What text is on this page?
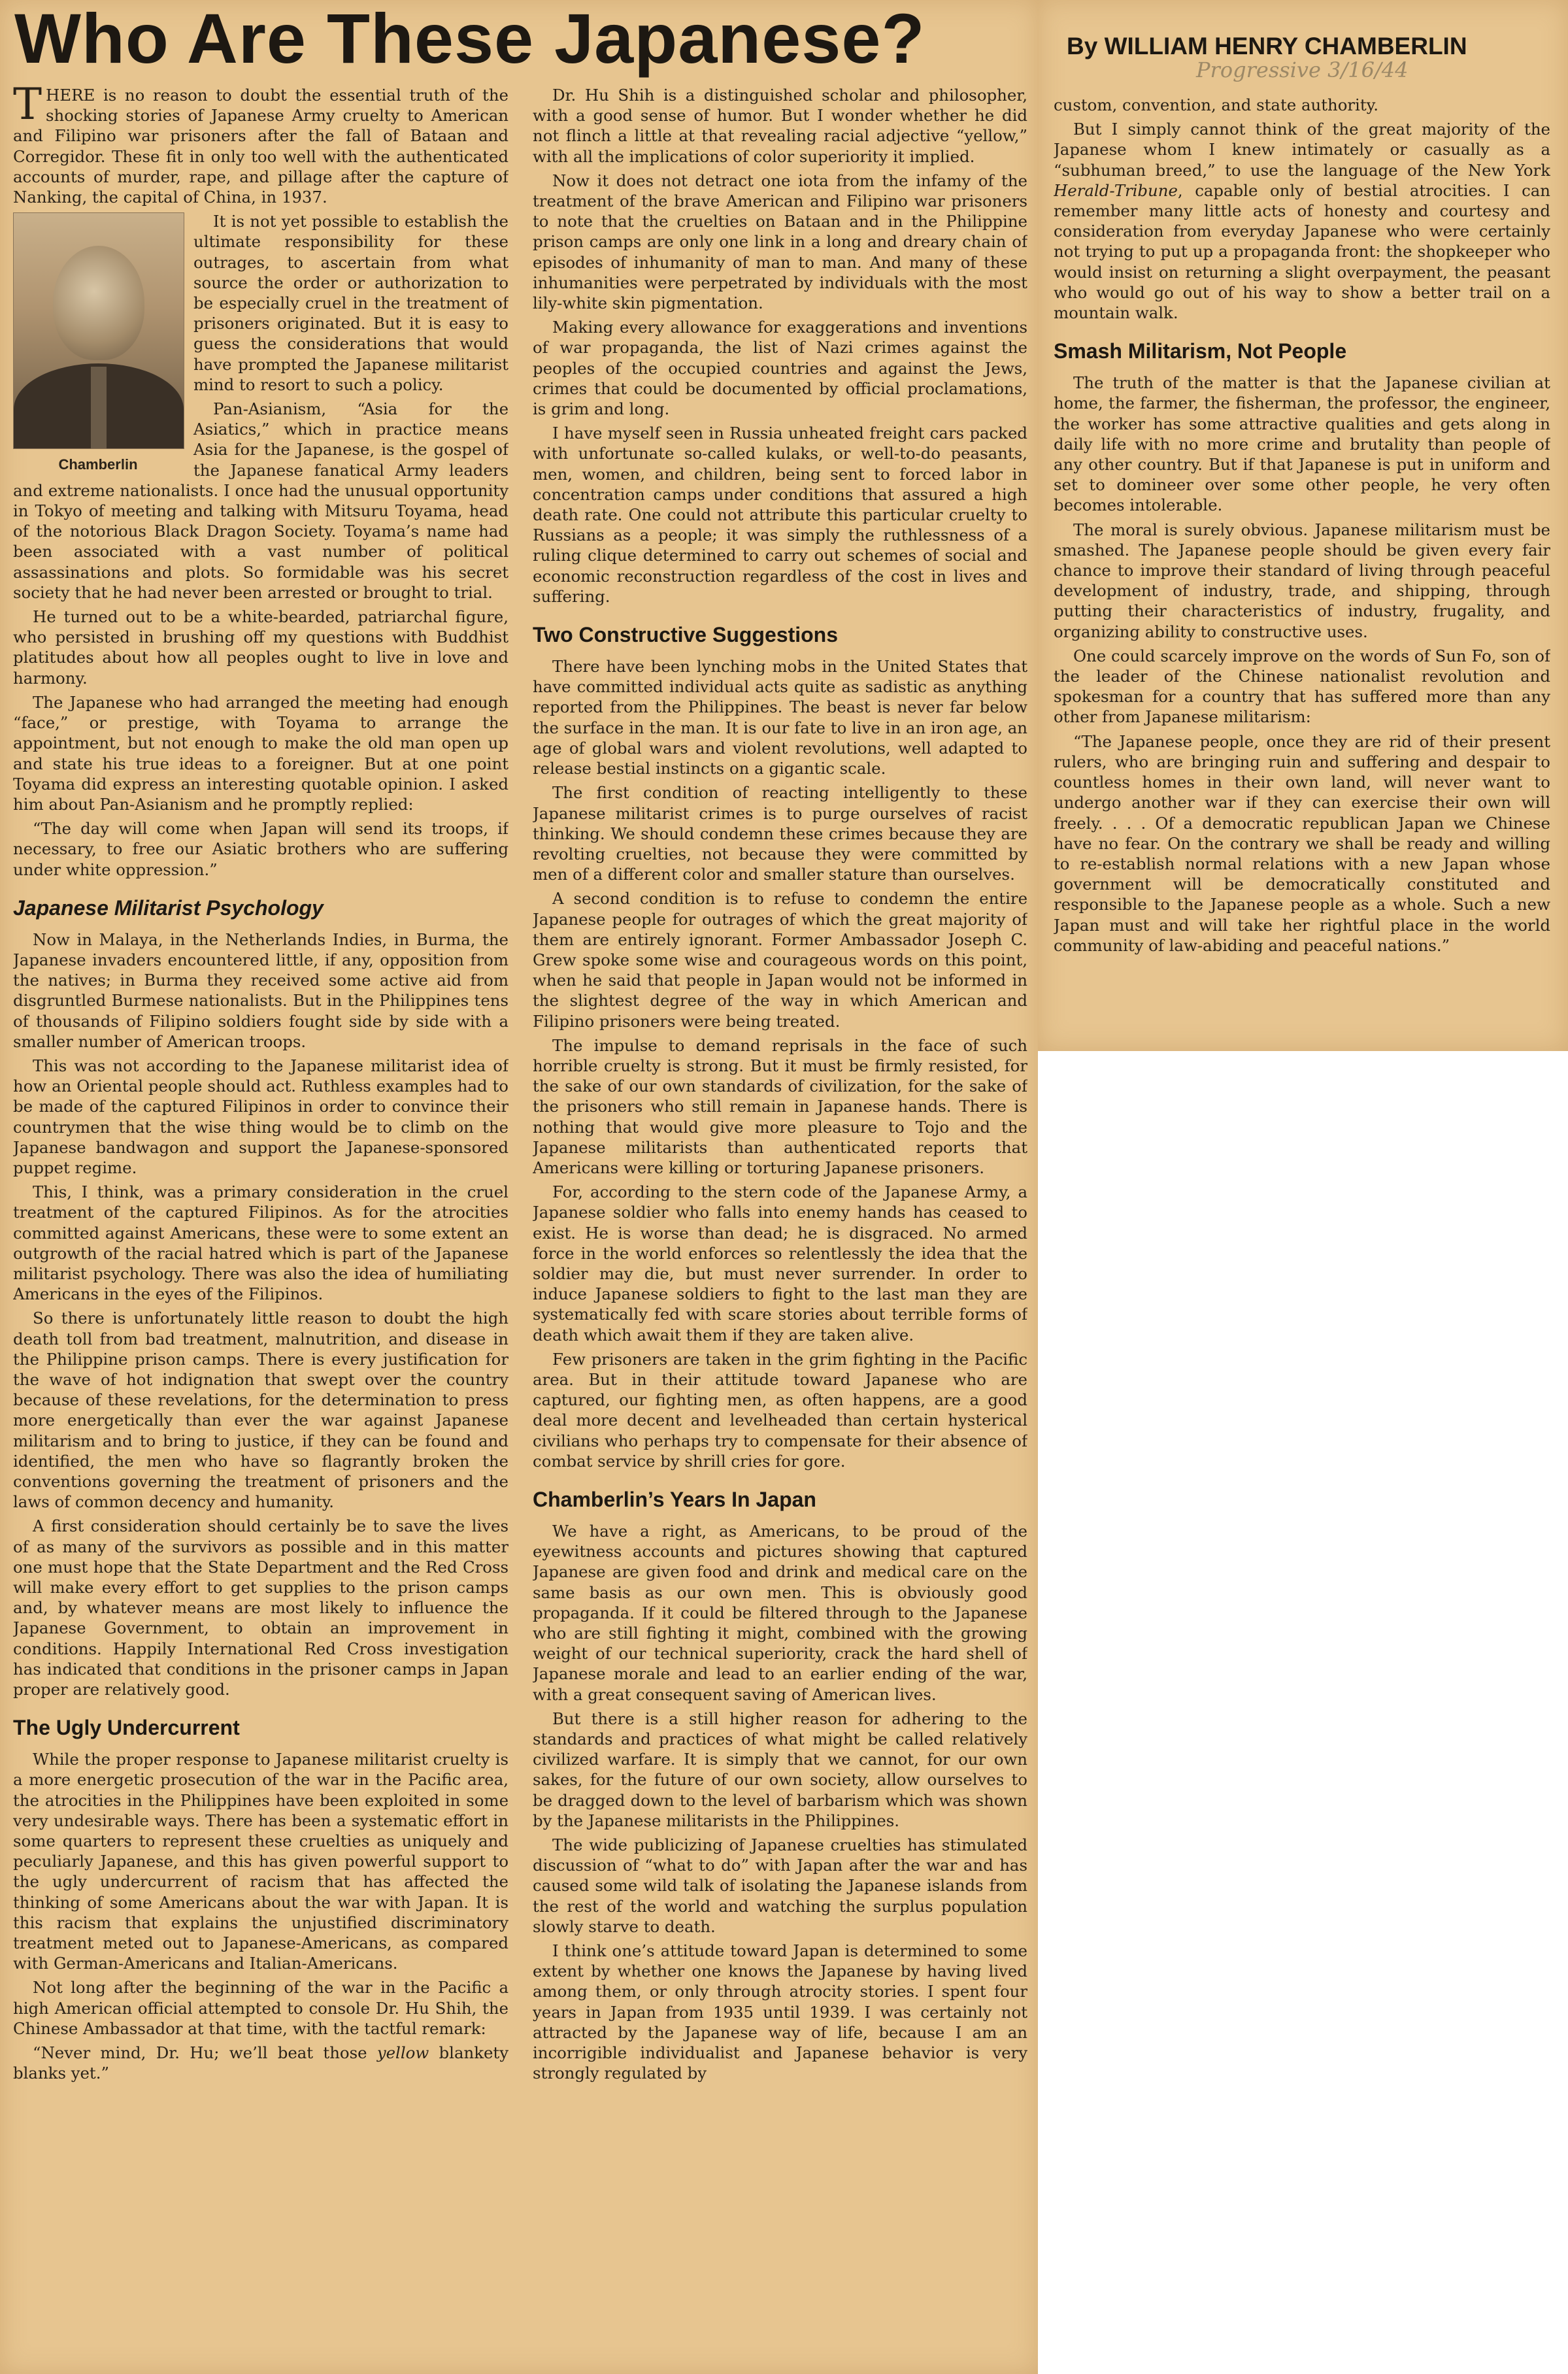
Who Are These Japanese?	By WILLIAM HENRY CHAMBERLIN
Progressive 3/16/44

THERE is no reason to doubt the essential truth of the shocking stories of Japanese Army cruelty to American and Filipino war prisoners after the fall of Bataan and Corregidor. These fit in only too well with the authenticated accounts of murder, rape, and pillage after the capture of Nanking, the capital of China, in 1937.

Chamberlin

It is not yet possible to establish the ultimate responsibility for these outrages, to ascertain from what source the order or authorization to be especially cruel in the treatment of prisoners originated. But it is easy to guess the considerations that would have prompted the Japanese militarist mind to resort to such a policy.

Pan-Asianism, “Asia for the Asiatics,” which in practice means Asia for the Japanese, is the gospel of the Japanese fanatical Army leaders and extreme nationalists. I once had the unusual opportunity in Tokyo of meeting and talking with Mitsuru Toyama, head of the notorious Black Dragon Society. Toyama’s name had been associated with a vast number of political assassinations and plots. So formidable was his secret society that he had never been arrested or brought to trial.

He turned out to be a white-bearded, patriarchal figure, who persisted in brushing off my questions with Buddhist platitudes about how all peoples ought to live in love and harmony.

The Japanese who had arranged the meeting had enough “face,” or prestige, with Toyama to arrange the appointment, but not enough to make the old man open up and state his true ideas to a foreigner. But at one point Toyama did express an interesting quotable opinion. I asked him about Pan-Asianism and he promptly replied:

“The day will come when Japan will send its troops, if necessary, to free our Asiatic brothers who are suffering under white oppression.”
Japanese Militarist Psychology

Now in Malaya, in the Netherlands Indies, in Burma, the Japanese invaders encountered little, if any, opposition from the natives; in Burma they received some active aid from disgruntled Burmese nationalists. But in the Philippines tens of thousands of Filipino soldiers fought side by side with a smaller number of American troops.

This was not according to the Japanese militarist idea of how an Oriental people should act. Ruthless examples had to be made of the captured Filipinos in order to convince their countrymen that the wise thing would be to climb on the Japanese bandwagon and support the Japanese-sponsored puppet regime.

This, I think, was a primary consideration in the cruel treatment of the captured Filipinos. As for the atrocities committed against Americans, these were to some extent an outgrowth of the racial hatred which is part of the Japanese militarist psychology. There was also the idea of humiliating Americans in the eyes of the Filipinos.

So there is unfortunately little reason to doubt the high death toll from bad treatment, malnutrition, and disease in the Philippine prison camps. There is every justification for the wave of hot indignation that swept over the country because of these revelations, for the determination to press more energetically than ever the war against Japanese militarism and to bring to justice, if they can be found and identified, the men who have so flagrantly broken the conventions governing the treatment of prisoners and the laws of common decency and humanity.

A first consideration should certainly be to save the lives of as many of the survivors as possible and in this matter one must hope that the State Department and the Red Cross will make every effort to get supplies to the prison camps and, by whatever means are most likely to influence the Japanese Government, to obtain an improvement in conditions. Happily International Red Cross investigation has indicated that conditions in the prisoner camps in Japan proper are relatively good.

The Ugly Undercurrent

While the proper response to Japanese militarist cruelty is a more energetic prosecution of the war in the Pacific area, the atrocities in the Philippines have been exploited in some very undesirable ways. There has been a systematic effort in some quarters to represent these cruelties as uniquely and peculiarly Japanese, and this has given powerful support to the ugly undercurrent of racism that has affected the thinking of some Americans about the war with Japan. It is this racism that explains the unjustified discriminatory treatment meted out to Japanese-Americans, as compared with German-Americans and Italian-Americans.

Not long after the beginning of the war in the Pacific a high American official attempted to console Dr. Hu Shih, the Chinese Ambassador at that time, with the tactful remark:

“Never mind, Dr. Hu; we’ll beat those yellow blankety blanks yet.”

Dr. Hu Shih is a distinguished scholar and philosopher, with a good sense of humor. But I wonder whether he did not flinch a little at that revealing racial adjective “yellow,” with all the implications of color superiority it implied.

Now it does not detract one iota from the infamy of the treatment of the brave American and Filipino war prisoners to note that the cruelties on Bataan and in the Philippine prison camps are only one link in a long and dreary chain of episodes of inhumanity of man to man. And many of these inhumanities were perpetrated by individuals with the most lily-white skin pigmentation.

Making every allowance for exaggerations and inventions of war propaganda, the list of Nazi crimes against the peoples of the occupied countries and against the Jews, crimes that could be documented by official proclamations, is grim and long.

I have myself seen in Russia unheated freight cars packed with unfortunate so-called kulaks, or well-to-do peasants, men, women, and children, being sent to forced labor in concentration camps under conditions that assured a high death rate. One could not attribute this particular cruelty to Russians as a people; it was simply the ruthlessness of a ruling clique determined to carry out schemes of social and economic reconstruction regardless of the cost in lives and suffering.

Two Constructive Suggestions

There have been lynching mobs in the United States that have committed individual acts quite as sadistic as anything reported from the Philippines. The beast is never far below the surface in the man. It is our fate to live in an iron age, an age of global wars and violent revolutions, well adapted to release bestial instincts on a gigantic scale.

The first condition of reacting intelligently to these Japanese militarist crimes is to purge ourselves of racist thinking. We should condemn these crimes because they are revolting cruelties, not because they were committed by men of a different color and smaller stature than ourselves.

A second condition is to refuse to condemn the entire Japanese people for outrages of which the great majority of them are entirely ignorant. Former Ambassador Joseph C. Grew spoke some wise and courageous words on this point, when he said that people in Japan would not be informed in the slightest degree of the way in which American and Filipino prisoners were being treated.

The impulse to demand reprisals in the face of such horrible cruelty is strong. But it must be firmly resisted, for the sake of our own standards of civilization, for the sake of the prisoners who still remain in Japanese hands. There is nothing that would give more pleasure to Tojo and the Japanese militarists than authenticated reports that Americans were killing or torturing Japanese prisoners.

For, according to the stern code of the Japanese Army, a Japanese soldier who falls into enemy hands has ceased to exist. He is worse than dead; he is disgraced. No armed force in the world enforces so relentlessly the idea that the soldier may die, but must never surrender. In order to induce Japanese soldiers to fight to the last man they are systematically fed with scare stories about terrible forms of death which await them if they are taken alive.

Few prisoners are taken in the grim fighting in the Pacific area. But in their attitude toward Japanese who are captured, our fighting men, as often happens, are a good deal more decent and levelheaded than certain hysterical civilians who perhaps try to compensate for their absence of combat service by shrill cries for gore.

Chamberlin’s Years In Japan

We have a right, as Americans, to be proud of the eyewitness accounts and pictures showing that captured Japanese are given food and drink and medical care on the same basis as our own men. This is obviously good propaganda. If it could be filtered through to the Japanese who are still fighting it might, combined with the growing weight of our technical superiority, crack the hard shell of Japanese morale and lead to an earlier ending of the war, with a great consequent saving of American lives.

But there is a still higher reason for adhering to the standards and practices of what might be called relatively civilized warfare. It is simply that we cannot, for our own sakes, for the future of our own society, allow ourselves to be dragged down to the level of barbarism which was shown by the Japanese militarists in the Philippines.

The wide publicizing of Japanese cruelties has stimulated discussion of “what to do” with Japan after the war and has caused some wild talk of isolating the Japanese islands from the rest of the world and watching the surplus population slowly starve to death.

I think one’s attitude toward Japan is determined to some extent by whether one knows the Japanese by having lived among them, or only through atrocity stories. I spent four years in Japan from 1935 until 1939. I was certainly not attracted by the Japanese way of life, because I am an incorrigible individualist and Japanese behavior is very strongly regulated by

custom, convention, and state authority.

But I simply cannot think of the great majority of the Japanese whom I knew intimately or casually as a “subhuman breed,” to use the language of the New York Herald-Tribune, capable only of bestial atrocities. I can remember many little acts of honesty and courtesy and consideration from everyday Japanese who were certainly not trying to put up a propaganda front: the shopkeeper who would insist on returning a slight overpayment, the peasant who would go out of his way to show a better trail on a mountain walk.

Smash Militarism, Not People

The truth of the matter is that the Japanese civilian at home, the farmer, the fisherman, the professor, the engineer, the worker has some attractive qualities and gets along in daily life with no more crime and brutality than people of any other country. But if that Japanese is put in uniform and set to domineer over some other people, he very often becomes intolerable.

The moral is surely obvious. Japanese militarism must be smashed. The Japanese people should be given every fair chance to improve their standard of living through peaceful development of industry, trade, and shipping, through putting their characteristics of industry, frugality, and organizing ability to constructive uses.

One could scarcely improve on the words of Sun Fo, son of the leader of the Chinese nationalist revolution and spokesman for a country that has suffered more than any other from Japanese militarism:

“The Japanese people, once they are rid of their present rulers, who are bringing ruin and suffering and despair to countless homes in their own land, will never want to undergo another war if they can exercise their own will freely. . . . Of a democratic republican Japan we Chinese have no fear. On the contrary we shall be ready and willing to re-establish normal relations with a new Japan whose government will be democratically constituted and responsible to the Japanese people as a whole. Such a new Japan must and will take her rightful place in the world community of law-abiding and peaceful nations.”
